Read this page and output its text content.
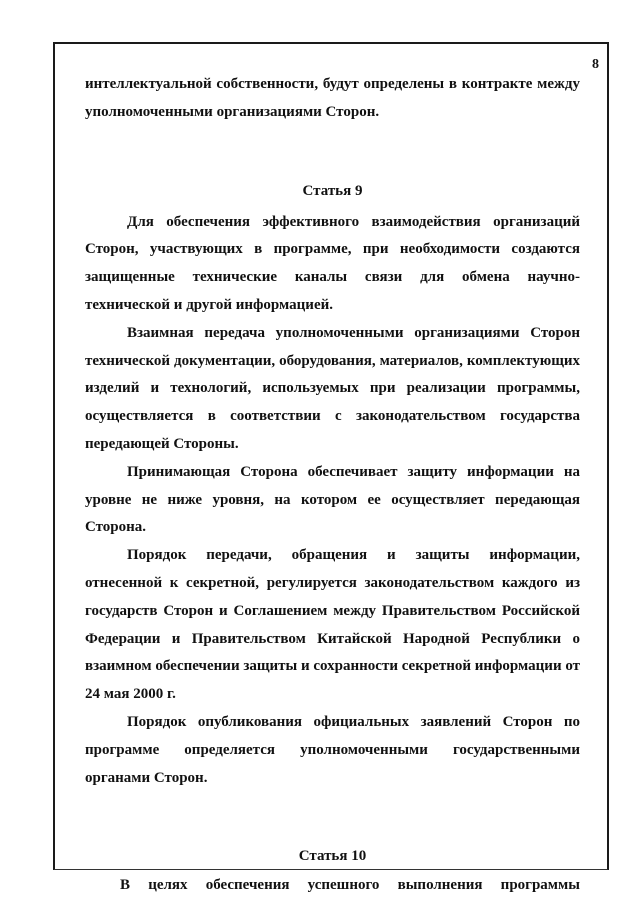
8

интеллектуальной собственности, будут определены в контракте между уполномоченными организациями Сторон.

Статья 9

Для обеспечения эффективного взаимодействия организаций Сторон, участвующих в программе, при необходимости создаются защищенные технические каналы связи для обмена научно-технической и другой информацией.

Взаимная передача уполномоченными организациями Сторон технической документации, оборудования, материалов, комплектующих изделий и технологий, используемых при реализации программы, осуществляется в соответствии с законодательством государства передающей Стороны.

Принимающая Сторона обеспечивает защиту информации на уровне не ниже уровня, на котором ее осуществляет передающая Сторона.

Порядок передачи, обращения и защиты информации, отнесенной к секретной, регулируется законодательством каждого из государств Сторон и Соглашением между Правительством Российской Федерации и Правительством Китайской Народной Республики о взаимном обеспечении защиты и сохранности секретной информации от 24 мая 2000 г.

Порядок опубликования официальных заявлений Сторон по программе определяется уполномоченными государственными органами Сторон.

Статья 10
В целях обеспечения успешного выполнения программы
